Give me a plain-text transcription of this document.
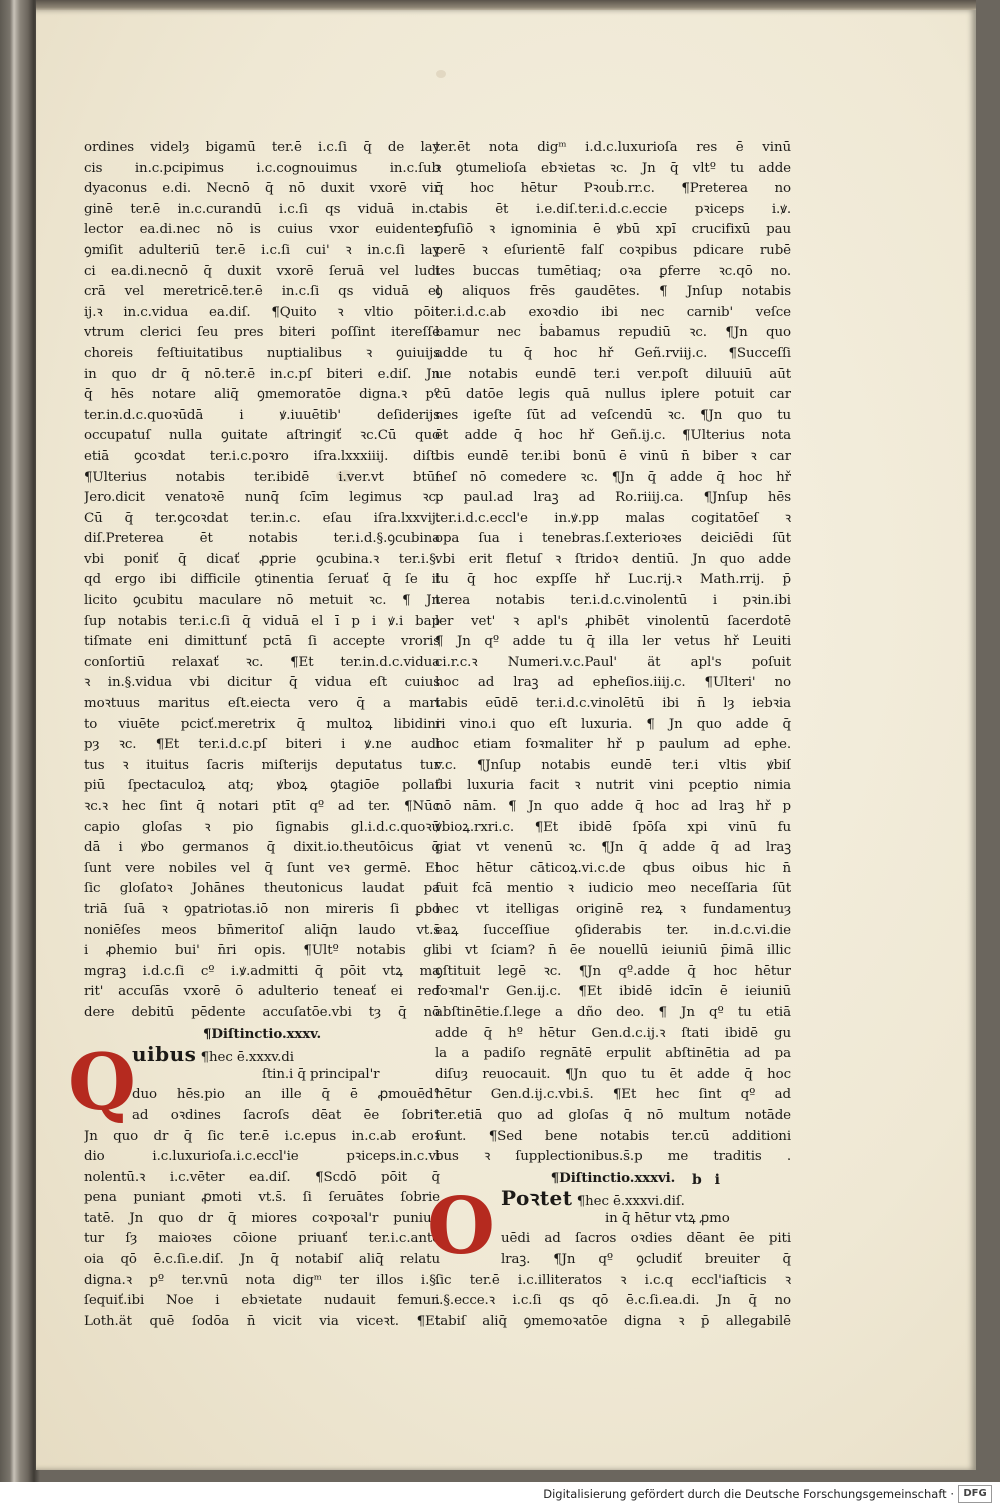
ordines videlȝ bigamū ter.ē i.c.ſi q̄ de lay
cis in.c.pcipimus i.c.cognouimus in.c.ſub
dyaconus e.di. Necnō q̄ nō duxit vxorē vir
ginē ter.ē in.c.curandū i.c.ſi qs viduā in.c.
lector ea.di.nec nō is cuius vxor euidenter
ꝯmiſit adulteriū ter.ē i.c.ſi cui' ꝛ in.c.ſi lay
ci ea.di.necnō q̄ duxit vxorē ſeruā vel ludi
crā vel meretricē.ter.ē in.c.ſi qs viduā el
ij.ꝛ in.c.vidua ea.diſ. ¶Quito ꝛ vltio pōit
vtrum clerici ſeu pres biteri poſſint itereſſe
choreis feſtiuitatibus nuptialibus ꝛ ꝯuiuijs
in quo dr q̄ nō.ter.ē in.c.pſ biteri e.diſ. Jn
q̄ hēs notare aliq̄ ꝯmemoratōe digna.ꝛ pº
ter.in.d.c.quoꝛūdā i ꝟ.iuuētib' deſiderijs
occupatuſ nulla ꝯuitate aſtringiť ꝛc.Cū quo
etiā ꝯcoꝛdat ter.i.c.poꝛro iſra.lxxxiiij. diſt.
¶Ulterius notabis ter.ibidē i.ver.vt btūſ
Jero.dicit venatoꝛē nunq̄ ſcīm legimus ꝛc.
Cū q̄ ter.ꝯcoꝛdat ter.in.c. eſau iſra.lxxvij.
diſ.Preterea ēt notabis ter.i.d.§.ꝯcubina
vbi poniť q̄ dicať ꝓprie ꝯcubina.ꝛ ter.i.§.
qd ergo ibi difficile ꝯtinentia ſeruať q̄ ſe il
licito ꝯcubitu maculare nō metuit ꝛc. ¶ Jn
ſup notabis ter.i.c.ſi q̄ viduā el ī p i ꝟ.i bap
tiſmate eni dimittunť pctā ſi accepte vroris
conſortiū relaxať ꝛc. ¶Et ter.in.d.c.vidua
ꝛ in.§.vidua vbi dicitur q̄ vidua eſt cuius
moꝛtuus maritus eſt.eiecta vero q̄ a mari
to viuēte pcicť.meretrix q̄ multoꝝ libidini
pȝ ꝛc. ¶Et ter.i.d.c.pſ biteri i ꝟ.ne audi
tus ꝛ ituitus ſacris miſterijs deputatus tur
piū ſpectaculoꝝ atq; ꝟboꝝ ꝯtagiōe pollať
ꝛc.ꝛ hec ſint q̄ notari ptīt qº ad ter. ¶Nūc
capio gloſas ꝛ pio ſignabis gl.i.d.c.quoꝛū
dā i ꝟbo germanos q̄ dixit.io.theutōicus q̄
ſunt vere nobiles vel q̄ ſunt veꝛ germē. Et
ſic gloſatoꝛ Johānes theutonicus laudat pa
triā ſuā ꝛ ꝯpatriotas.iō non mireris ſi ꝑbo
noniēſes meos bn̄meritoſ aliq̄n laudo vt.s̄
i ꝓhemio bui' n̄ri opis. ¶Ultº notabis gl.
mgraꝫ i.d.c.ſi cº i.ꝟ.admitti q̄ pōit vtꝝ ma
rit' accuſās vxorē ō adulterio teneať ei red
dere debitū pēdente accuſatōe.vbi tȝ q̄ nō
¶Diſtinctio.xxxv.
Q
uibus ¶hec ē.xxxv.di
ſtin.i q̄ principal'r
duo hēs.pio an ille q̄ ē ꝓmouēd°
ad oꝛdines ſacroſs dēat ēe ſobri°
Jn quo dr q̄ ſic ter.ē i.c.epus in.c.ab eroꝛ
dio i.c.luxurioſa.i.c.eccl'ie pꝛiceps.in.c.vi
nolentū.ꝛ i.c.vēter ea.diſ. ¶Scdō pōit q̄
pena puniant ꝓmoti vt.s̄. ſi ſeruātes ſobrie
tatē. Jn quo dr q̄ miores coꝛpoꝛal'r puniun
tur ſȝ maioꝛes cōione priuanť ter.i.c.ante
oia qō ē.c.ſi.e.diſ. Jn q̄ notabiſ aliq̄ relatu
digna.ꝛ pº ter.vnū nota digᵐ ter illos i.§.
ſequiť.ibi Noe i ebꝛietate nudauit femur.
Loth.ät quē ſodōa n̄ vicit via viceꝛt. ¶Et
ter.ēt nota digᵐ i.d.c.luxurioſa res ē vinū
ꝛ ꝯtumelioſa ebꝛietas ꝛc. Jn q̄ vltº tu adde
q̄ hoc hētur Pꝛouḃ.rr.c. ¶Preterea no
tabis ēt i.e.diſ.ter.i.d.c.eccie pꝛiceps i.ꝟ.
ꝯfuſiō ꝛ ignominia ē ꝟbū xpı̄ crucifixū pau
perē ꝛ eſurientē falſ coꝛpibus pdicare rubē
tes buccas tumētiaq; oꝛa ꝑferre ꝛc.qō no.
ꝯ aliquos frēs gaudētes. ¶ Jnſup notabis
ter.i.d.c.ab exoꝛdio ibi nec carnib' veſce
bamur nec ḃabamus repudiū ꝛc. ¶Jn quo
adde tu q̄ hoc hř Geñ.rviij.c. ¶Succeſſi
ue notabis eundē ter.i ver.poſt diluuiū aūt
cū datōe legis quā nullus iplere potuit car
nes igeſte ſūt ad veſcendū ꝛc. ¶Jn quo tu
ēt adde q̄ hoc hř Geñ.ij.c. ¶Ulterius nota
bis eundē ter.ibi bonū ē vinū n̄ biber ꝛ car
neſ nō comedere ꝛc. ¶Jn q̄ adde q̄ hoc hř
p paul.ad lraꝫ ad Ro.riiij.ca. ¶Jnſup hēs
ter.i.d.c.eccl'e in.ꝟ.pp malas cogitatōeſ ꝛ
opa ſua i tenebras.ſ.exterioꝛes deiciēdi ſūt
vbi erit fletuſ ꝛ ſtridoꝛ dentiū. Jn quo adde
tu q̄ hoc expſſe hř Luc.rij.ꝛ Math.rrij. p̄
terea notabis ter.i.d.c.vinolentū i pꝛin.ibi
ler vet' ꝛ apl's ꝓhibēt vinolentū ſacerdotē
¶ Jn qº adde tu q̄ illa ler vetus hř Leuiti
ci.r.c.ꝛ Numeri.v.c.Paul' ät apl's poſuit
hoc ad lraꝫ ad epheſios.iiij.c. ¶Ulteri' no
tabis eūdē ter.i.d.c.vinolētū ibi n̄ lȝ iebꝛia
ri vino.i quo eſt luxuria. ¶ Jn quo adde q̄
hoc etiam foꝛmaliter hř p paulum ad ephe.
v.c. ¶Jnſup notabis eundē ter.i vltis ꝟbiſ
ibi luxuria facit ꝛ nutrit vini pceptio nimia
nō nām. ¶ Jn quo adde q̄ hoc ad lraꝫ hř p
ꝟbioꝝ.rxri.c. ¶Et ibidē ſpōſa xpi vinū fu
giat vt venenū ꝛc. ¶Jn q̄ adde q̄ ad lraꝫ
hoc hētur cāticoꝝ.vi.c.de qbus oibus hic n̄
fuit fcā mentio ꝛ iudicio meo neceſſaria ſūt
hec vt itelligas originē reꝝ ꝛ fundamentuȝ
eaꝝ ſucceſſiue ꝯſiderabis ter. in.d.c.vi.die
ibi vt ſciam? n̄ ēe nouellū ieiuniū p̄imā illic
ꝯſtituit legē ꝛc. ¶Jn qº.adde q̄ hoc hētur
foꝛmal'r Gen.ij.c. ¶Et ibidē idcīn ē ieiuniū
abſtinētie.ſ.lege a dño deo. ¶ Jn qº tu etiā
adde q̄ hº hētur Gen.d.c.ij.ꝛ ſtati ibidē gu
la a padiſo regnātē erpulit abſtinētia ad pa
diſuȝ reuocauit. ¶Jn quo tu ēt adde q̄ hoc
hētur Gen.d.ij.c.vbi.s̄. ¶Et hec ſint qº ad
ter.etiā quo ad gloſas q̄ nō multum notāde
ſunt. ¶Sed bene notabis ter.cū additioni
bus ꝛ ſupplectionibus.s̄.p me traditis .
¶Diſtinctio.xxxvi.
O Poꝛtet ¶hec ē.xxxvi.diſ.
in q̄ hētur vtꝝ ꝓmo
uēdi ad ſacros oꝛdies dēant ēe piti
lraꝫ. ¶Jn qº ꝯcludiť breuiter q̄
ſic ter.ē i.c.illiteratos ꝛ i.c.q eccl'iaſticis ꝛ
i.§.ecce.ꝛ i.c.ſi qs qō ē.c.ſi.ea.di. Jn q̄ no
tabiſ aliq̄ ꝯmemoꝛatōe digna ꝛ p̄ allegabilē
b i
Digitalisierung gefördert durch die Deutsche Forschungsgemeinschaft · DFG
